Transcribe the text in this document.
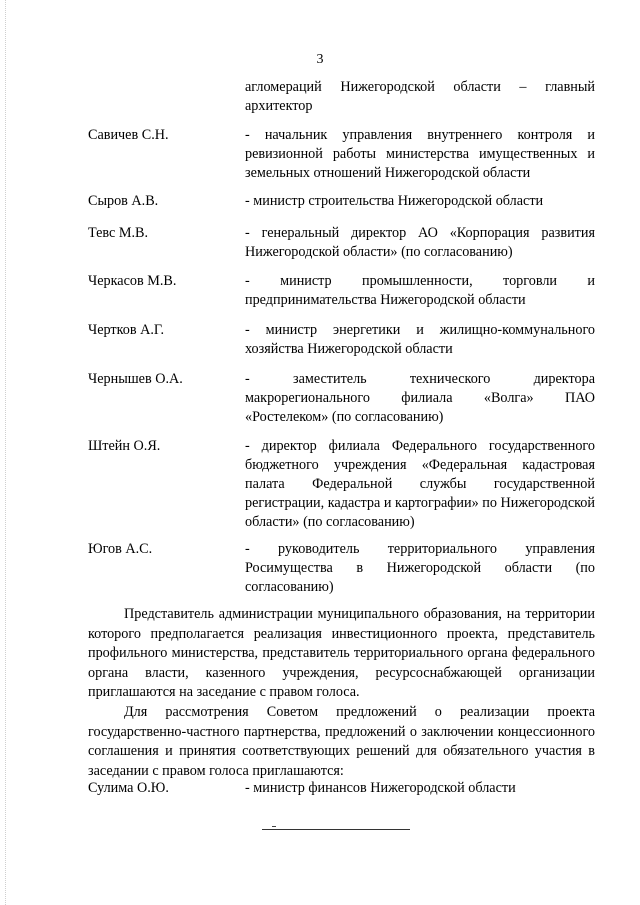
3
агломераций Нижегородской области – главный архитектор
Савичев С.Н.	- начальник управления внутреннего контроля и ревизионной работы министерства имущественных и земельных отношений Нижегородской области
Сыров А.В.	- министр строительства Нижегородской области
Тевс М.В.	- генеральный директор АО «Корпорация развития Нижегородской области» (по согласованию)
Черкасов М.В.	- министр промышленности, торговли и предпринимательства Нижегородской области
Чертков А.Г.	- министр энергетики и жилищно-коммунального хозяйства Нижегородской области
Чернышев О.А.	- заместитель технического директора макрорегионального филиала «Волга» ПАО «Ростелеком» (по согласованию)
Штейн О.Я.	- директор филиала Федерального государственного бюджетного учреждения «Федеральная кадастровая палата Федеральной службы государственной регистрации, кадастра и картографии» по Нижегородской области» (по согласованию)
Югов А.С.	- руководитель территориального управления Росимущества в Нижегородской области (по согласованию)
Представитель администрации муниципального образования, на территории которого предполагается реализация инвестиционного проекта, представитель профильного министерства, представитель территориального органа федерального органа власти, казенного учреждения, ресурсоснабжающей организации приглашаются на заседание с правом голоса.
Для рассмотрения Советом предложений о реализации проекта государственно-частного партнерства, предложений о заключении концессионного соглашения и принятия соответствующих решений для обязательного участия в заседании с правом голоса приглашаются:
Сулима О.Ю.	- министр финансов Нижегородской области
